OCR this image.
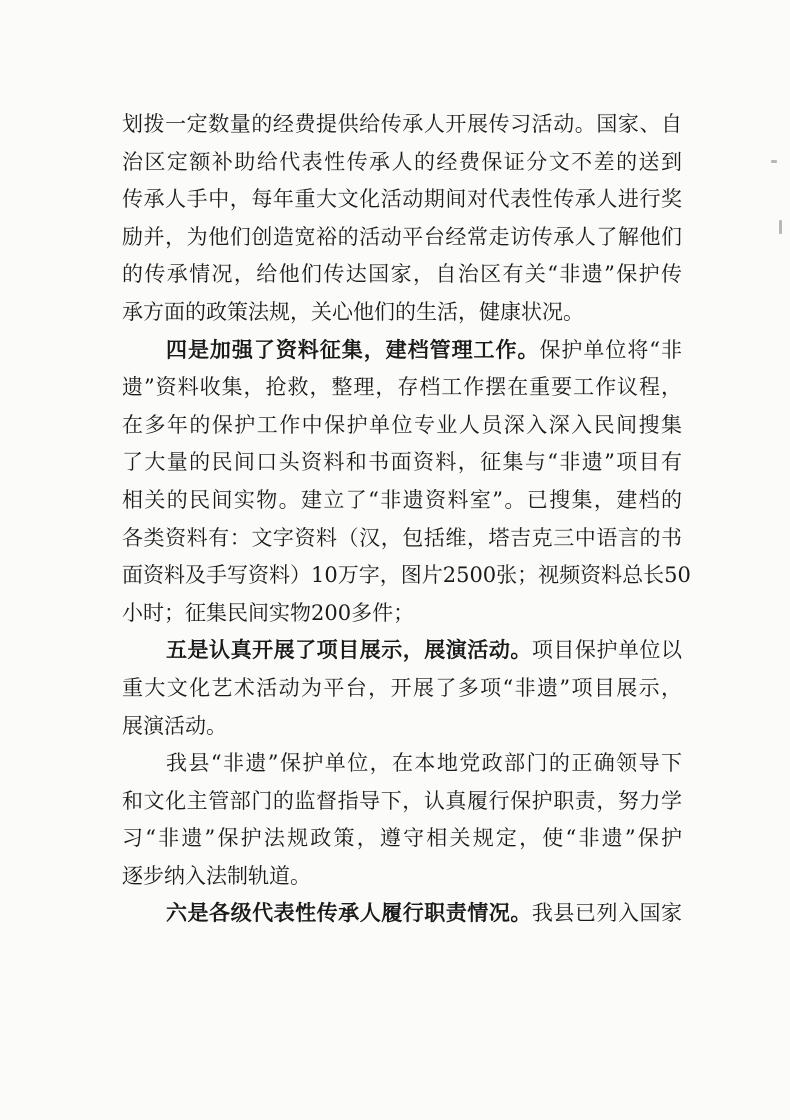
划拨一定数量的经费提供给传承人开展传习活动。国家、自
治区定额补助给代表性传承人的经费保证分文不差的送到
传承人手中，每年重大文化活动期间对代表性传承人进行奖
励并，为他们创造宽裕的活动平台经常走访传承人了解他们
的传承情况，给他们传达国家，自治区有关“非遗”保护传
承方面的政策法规，关心他们的生活，健康状况。
四是加强了资料征集，建档管理工作。保护单位将“非
遗”资料收集，抢救，整理，存档工作摆在重要工作议程，
在多年的保护工作中保护单位专业人员深入深入民间搜集
了大量的民间口头资料和书面资料，征集与“非遗”项目有
相关的民间实物。建立了“非遗资料室”。已搜集，建档的
各类资料有：文字资料（汉，包括维，塔吉克三中语言的书
面资料及手写资料）10万字，图片2500张；视频资料总长50
小时；征集民间实物200多件；
五是认真开展了项目展示，展演活动。项目保护单位以
重大文化艺术活动为平台，开展了多项“非遗”项目展示，
展演活动。
我县“非遗”保护单位，在本地党政部门的正确领导下
和文化主管部门的监督指导下，认真履行保护职责，努力学
习“非遗”保护法规政策，遵守相关规定，使“非遗”保护
逐步纳入法制轨道。
六是各级代表性传承人履行职责情况。我县已列入国家
